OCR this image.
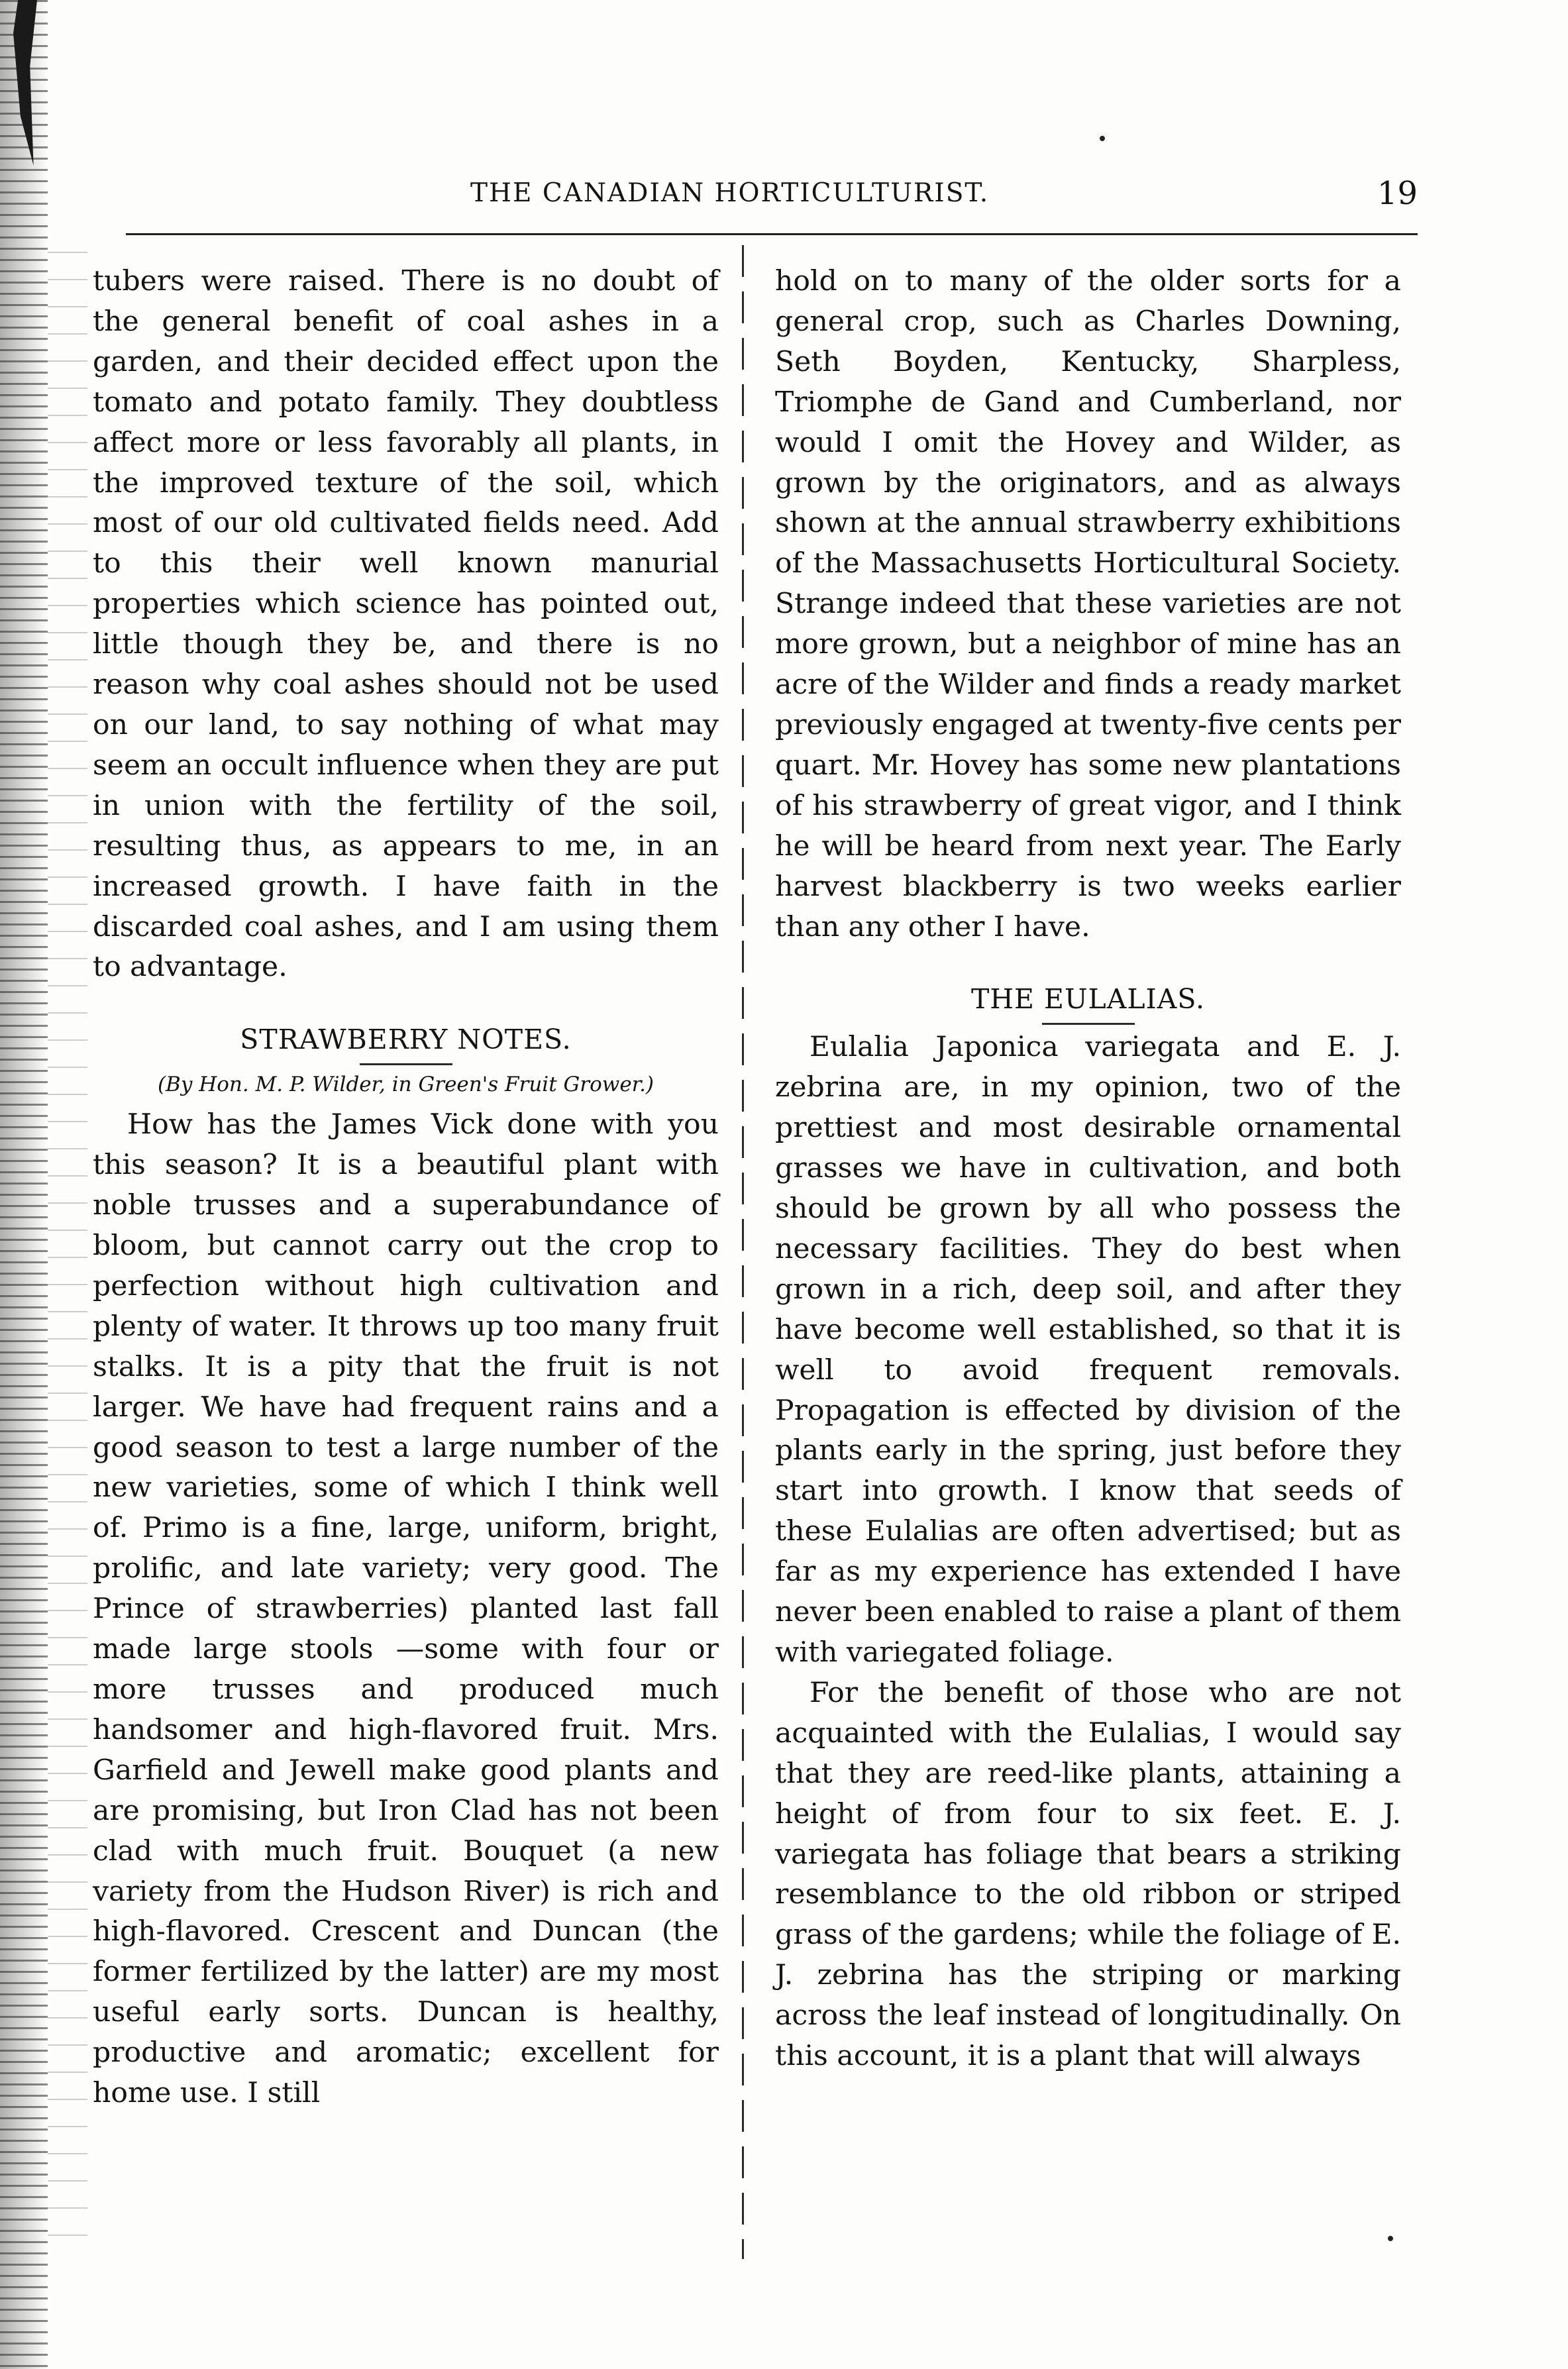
THE CANADIAN HORTICULTURIST.	19

tubers were raised. There is no doubt of the general benefit of coal ashes in a garden, and their decided effect upon the tomato and potato family. They doubtless affect more or less favorably all plants, in the improved texture of the soil, which most of our old cultivated fields need. Add to this their well known manurial properties which science has pointed out, little though they be, and there is no reason why coal ashes should not be used on our land, to say nothing of what may seem an occult influence when they are put in union with the fertility of the soil, resulting thus, as appears to me, in an increased growth. I have faith in the discarded coal ashes, and I am using them to advantage.

STRAWBERRY NOTES.
(By Hon. M. P. Wilder, in Green's Fruit Grower.)

How has the James Vick done with you this season? It is a beautiful plant with noble trusses and a superabundance of bloom, but cannot carry out the crop to perfection without high cultivation and plenty of water. It throws up too many fruit stalks. It is a pity that the fruit is not larger. We have had frequent rains and a good season to test a large number of the new varieties, some of which I think well of. Primo is a fine, large, uniform, bright, prolific, and late variety; very good. The Prince of strawberries) planted last fall made large stools —some with four or more trusses and produced much handsomer and high-flavored fruit. Mrs. Garfield and Jewell make good plants and are promising, but Iron Clad has not been clad with much fruit. Bouquet (a new variety from the Hudson River) is rich and high-flavored. Crescent and Duncan (the former fertilized by the latter) are my most useful early sorts. Duncan is healthy, productive and aromatic; excellent for home use. I still

hold on to many of the older sorts for a general crop, such as Charles Downing, Seth Boyden, Kentucky, Sharpless, Triomphe de Gand and Cumberland, nor would I omit the Hovey and Wilder, as grown by the originators, and as always shown at the annual strawberry exhibitions of the Massachusetts Horticultural Society. Strange indeed that these varieties are not more grown, but a neighbor of mine has an acre of the Wilder and finds a ready market previously engaged at twenty-five cents per quart. Mr. Hovey has some new plantations of his strawberry of great vigor, and I think he will be heard from next year. The Early harvest blackberry is two weeks earlier than any other I have.

THE EULALIAS.

Eulalia Japonica variegata and E. J. zebrina are, in my opinion, two of the prettiest and most desirable ornamental grasses we have in cultivation, and both should be grown by all who possess the necessary facilities. They do best when grown in a rich, deep soil, and after they have become well established, so that it is well to avoid frequent removals. Propagation is effected by division of the plants early in the spring, just before they start into growth. I know that seeds of these Eulalias are often advertised; but as far as my experience has extended I have never been enabled to raise a plant of them with variegated foliage.

For the benefit of those who are not acquainted with the Eulalias, I would say that they are reed-like plants, attaining a height of from four to six feet. E. J. variegata has foliage that bears a striking resemblance to the old ribbon or striped grass of the gardens; while the foliage of E. J. zebrina has the striping or marking across the leaf instead of longitudinally. On this account, it is a plant that will always
